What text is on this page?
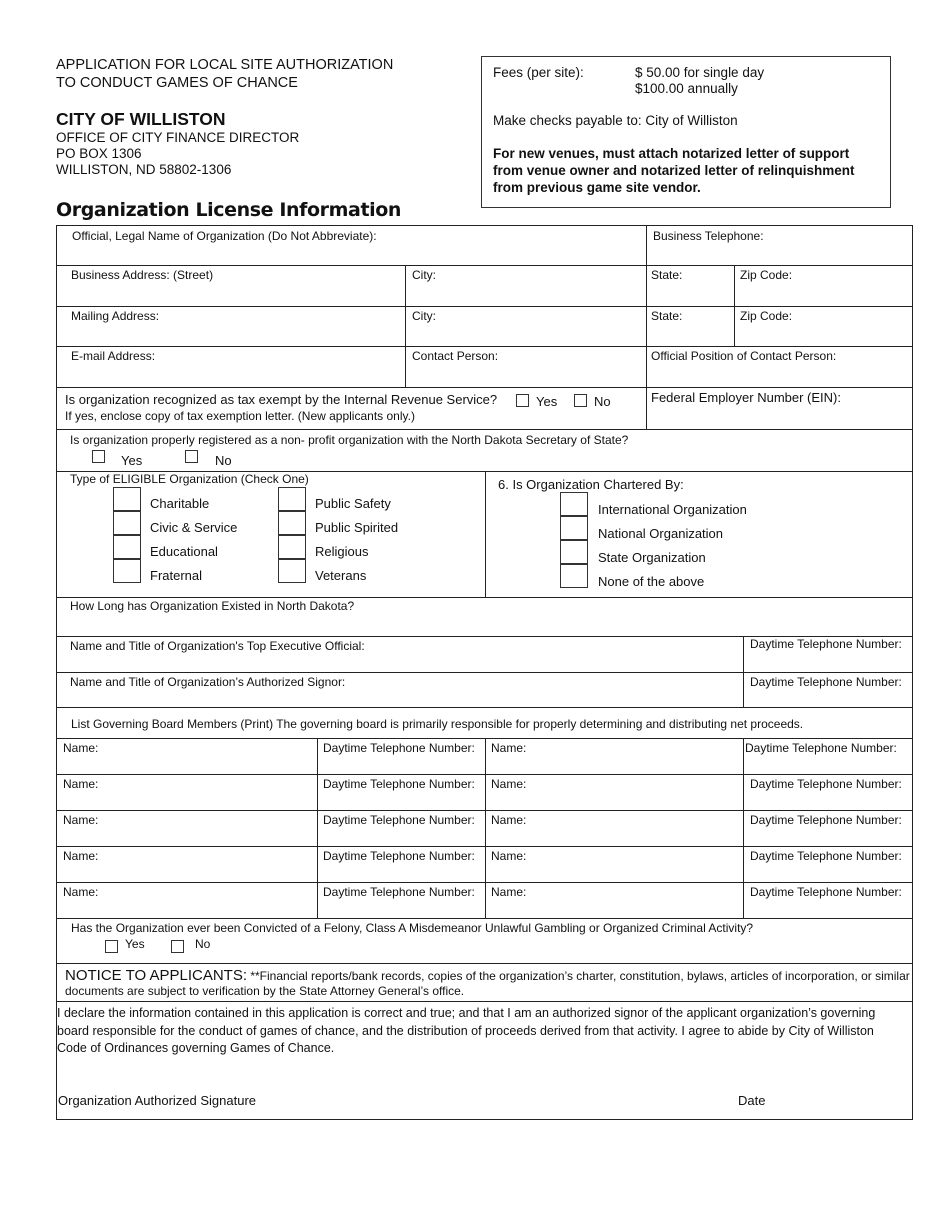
APPLICATION FOR LOCAL SITE AUTHORIZATION
TO CONDUCT GAMES OF CHANCE
CITY OF WILLISTON
OFFICE OF CITY FINANCE DIRECTOR
PO BOX 1306
WILLISTON, ND 58802-1306
Fees (per site):	$ 50.00 for single day
$100.00 annually
Make checks payable to: City of Williston
For new venues, must attach notarized letter of support from venue owner and notarized letter of relinquishment from previous game site vendor.
Organization License Information
Official, Legal Name of Organization (Do Not Abbreviate):	Business Telephone:
Business Address: (Street)	City:	State:	Zip Code:
Mailing Address:	City:	State:	Zip Code:
E-mail Address:	Contact Person:	Official Position of Contact Person:
Is organization recognized as tax exempt by the Internal Revenue Service?
If yes, enclose copy of tax exemption letter. (New applicants only.)
Yes	No	Federal Employer Number (EIN):
Is organization properly registered as a non- profit organization with the North Dakota Secretary of State?
Yes	No
Type of ELIGIBLE Organization (Check One)
Charitable
Civic & Service
Educational
Fraternal
Public Safety
Public Spirited
Religious
Veterans
6. Is Organization Chartered By:
International Organization
National Organization
State Organization
None of the above
How Long has Organization Existed in North Dakota?
Name and Title of Organization's Top Executive Official:	Daytime Telephone Number:
Name and Title of Organization’s Authorized Signor:	Daytime Telephone Number:
List Governing Board Members (Print) The governing board is primarily responsible for properly determining and distributing net proceeds.
Name:	Daytime Telephone Number: Name:	Daytime Telephone Number:
Name:	Daytime Telephone Number: Name:	Daytime Telephone Number:
Name:	Daytime Telephone Number: Name:	Daytime Telephone Number:
Name:	Daytime Telephone Number: Name:	Daytime Telephone Number:
Name:	Daytime Telephone Number: Name:	Daytime Telephone Number:
Has the Organization ever been Convicted of a Felony, Class A Misdemeanor Unlawful Gambling or Organized Criminal Activity?
Yes	No
NOTICE TO APPLICANTS: **Financial reports/bank records, copies of the organization’s charter, constitution, bylaws, articles of incorporation, or similar documents are subject to verification by the State Attorney General’s office.
I declare the information contained in this application is correct and true; and that I am an authorized signor of the applicant organization’s governing board responsible for the conduct of games of chance, and the distribution of proceeds derived from that activity. I agree to abide by City of Williston Code of Ordinances governing Games of Chance.
Organization Authorized Signature	Date
